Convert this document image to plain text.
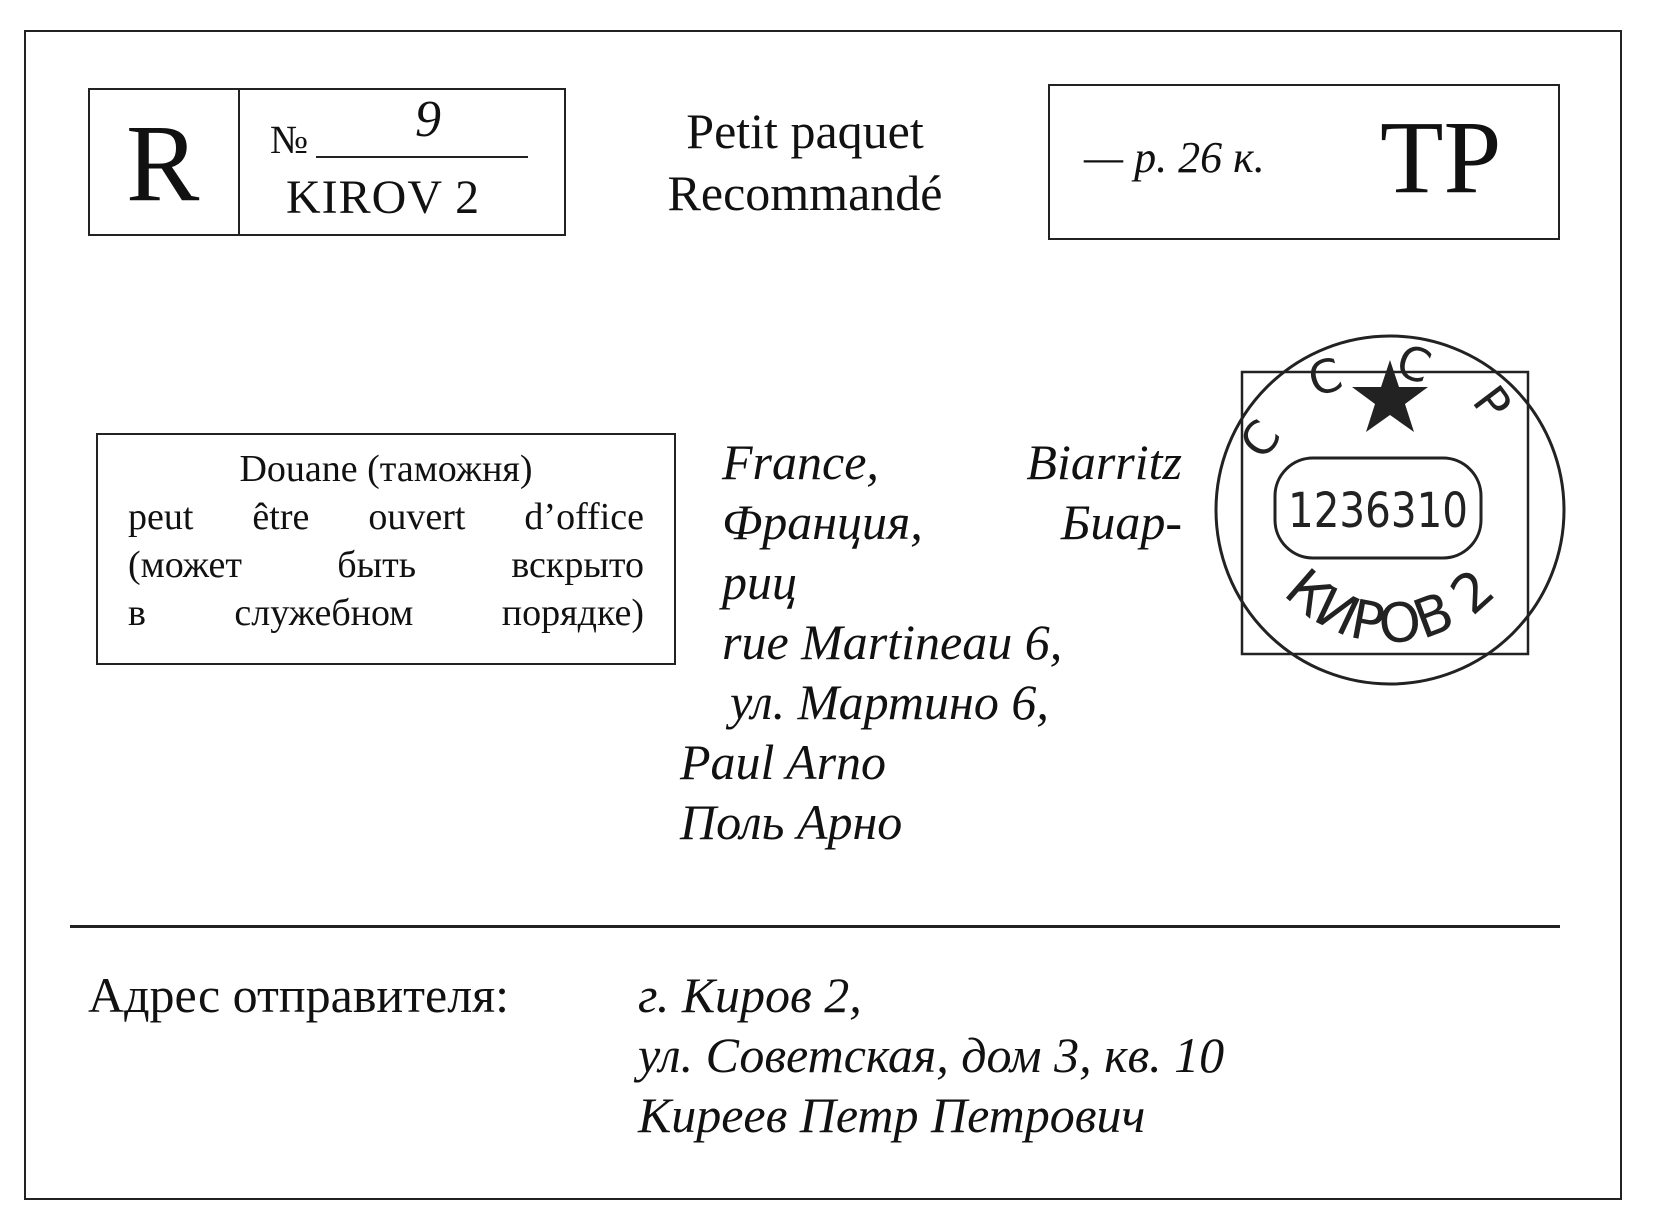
R № 9
KIROV 2
Petit paquet
Recommandé
— р. 26 к. TP
Douane (таможня)
peut être ouvert d’office
(может быть вскрыто
в служебном порядке)
France, Biarritz
Франция, Биар-
риц
rue Martineau 6,
ул. Мартино 6,
Paul Arno
Поль Арно
СССР
1236310
КИРОВ 2
Адрес отправителя:	г. Киров 2,
ул. Советская, дом 3, кв. 10
Киреев Петр Петрович
